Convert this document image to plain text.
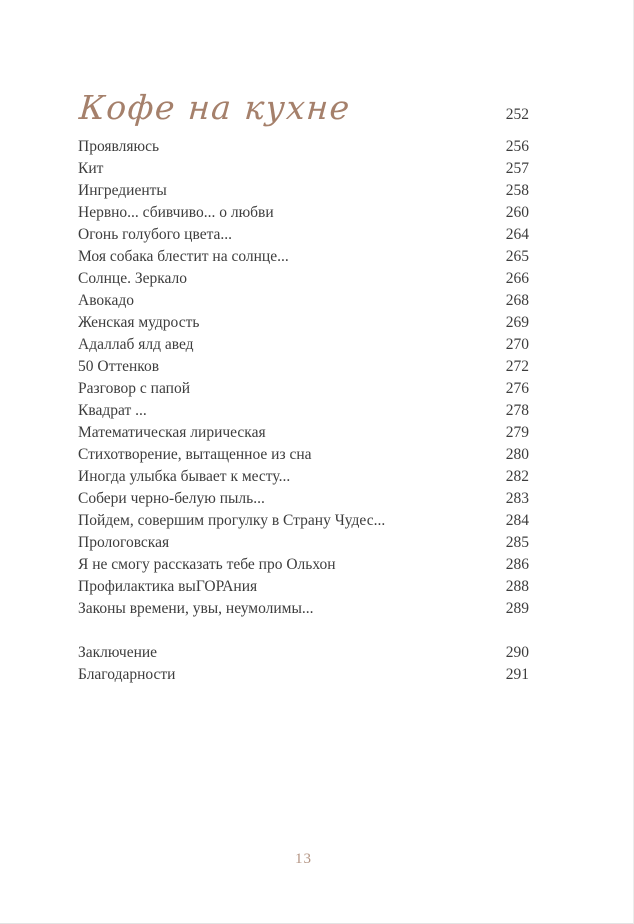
Кофе на кухне	252
Проявляюсь	256
Кит	257
Ингредиенты	258
Нервно... сбивчиво... о любви	260
Огонь голубого цвета...	264
Моя собака блестит на солнце...	265
Солнце. Зеркало	266
Авокадо	268
Женская мудрость	269
Адаллаб ялд авед	270
50 Оттенков	272
Разговор с папой	276
Квадрат ...	278
Математическая лирическая	279
Стихотворение, вытащенное из сна	280
Иногда улыбка бывает к месту...	282
Собери черно-белую пыль...	283
Пойдем, совершим прогулку в Страну Чудес...	284
Прологовская	285
Я не смогу рассказать тебе про Ольхон	286
Профилактика выГОРАния	288
Законы времени, увы, неумолимы...	289
Заключение	290
Благодарности	291
13
